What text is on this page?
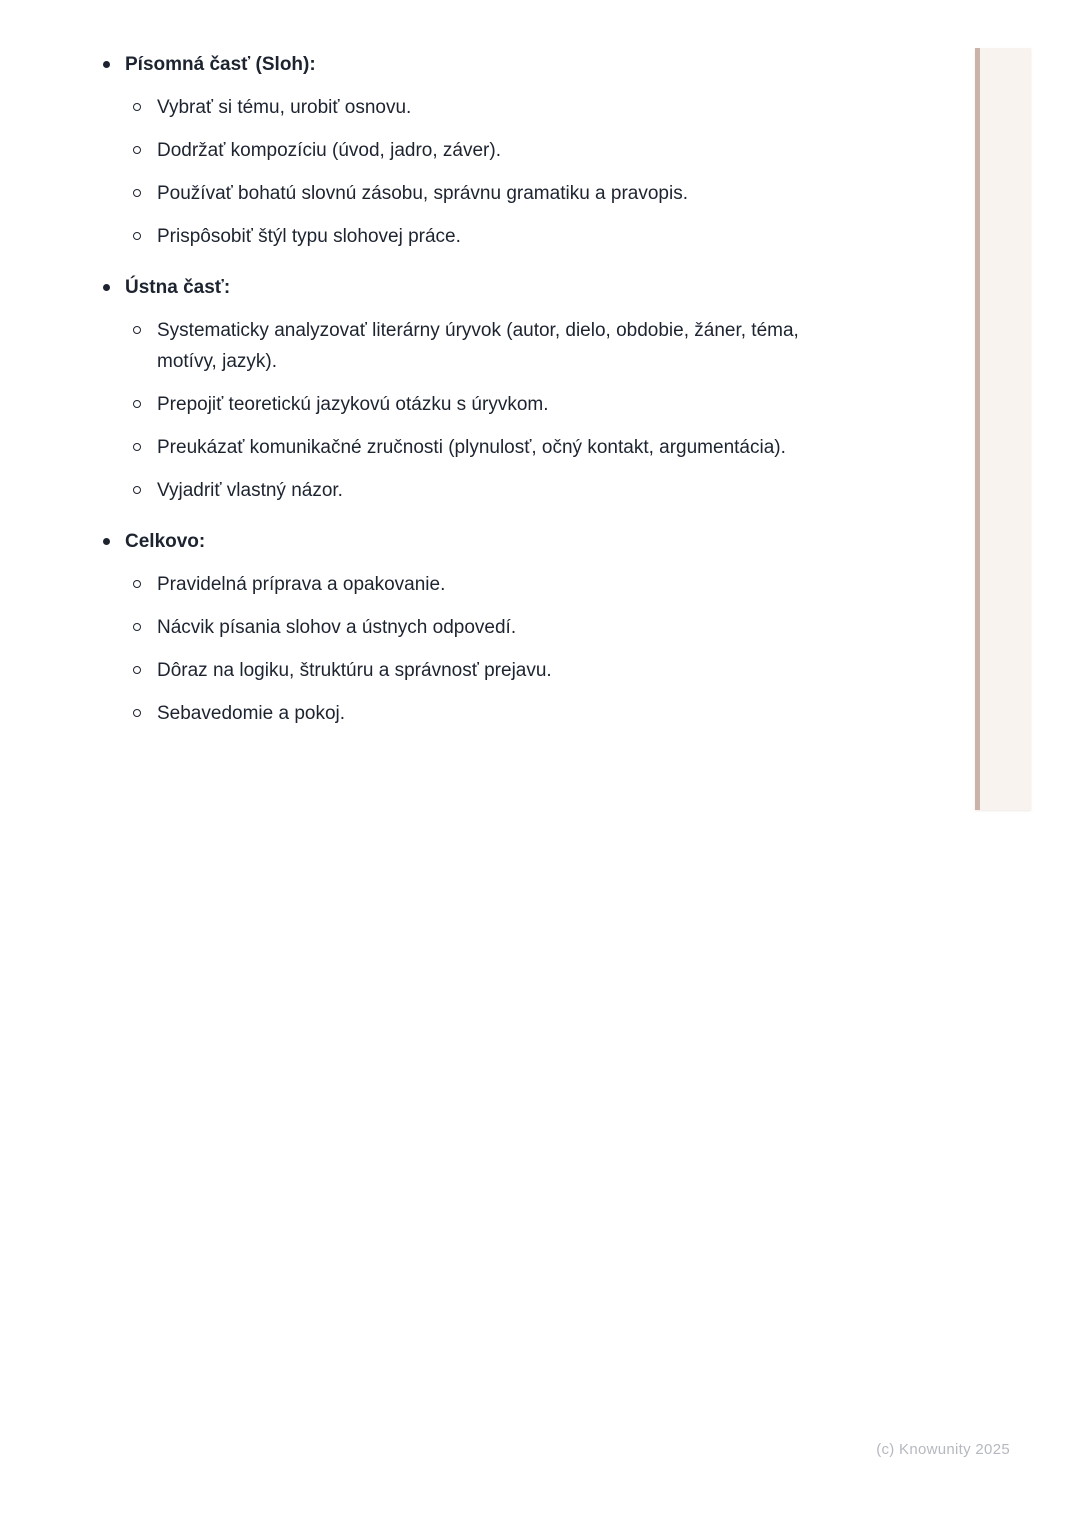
Písomná časť (Sloh):
Vybrať si tému, urobiť osnovu.
Dodržať kompozíciu (úvod, jadro, záver).
Používať bohatú slovnú zásobu, správnu gramatiku a pravopis.
Prispôsobiť štýl typu slohovej práce.
Ústna časť:
Systematicky analyzovať literárny úryvok (autor, dielo, obdobie, žáner, téma, motívy, jazyk).
Prepojiť teoretickú jazykovú otázku s úryvkom.
Preukázať komunikačné zručnosti (plynulosť, očný kontakt, argumentácia).
Vyjadriť vlastný názor.
Celkovo:
Pravidelná príprava a opakovanie.
Nácvik písania slohov a ústnych odpovedí.
Dôraz na logiku, štruktúru a správnosť prejavu.
Sebavedomie a pokoj.
(c) Knowunity 2025
